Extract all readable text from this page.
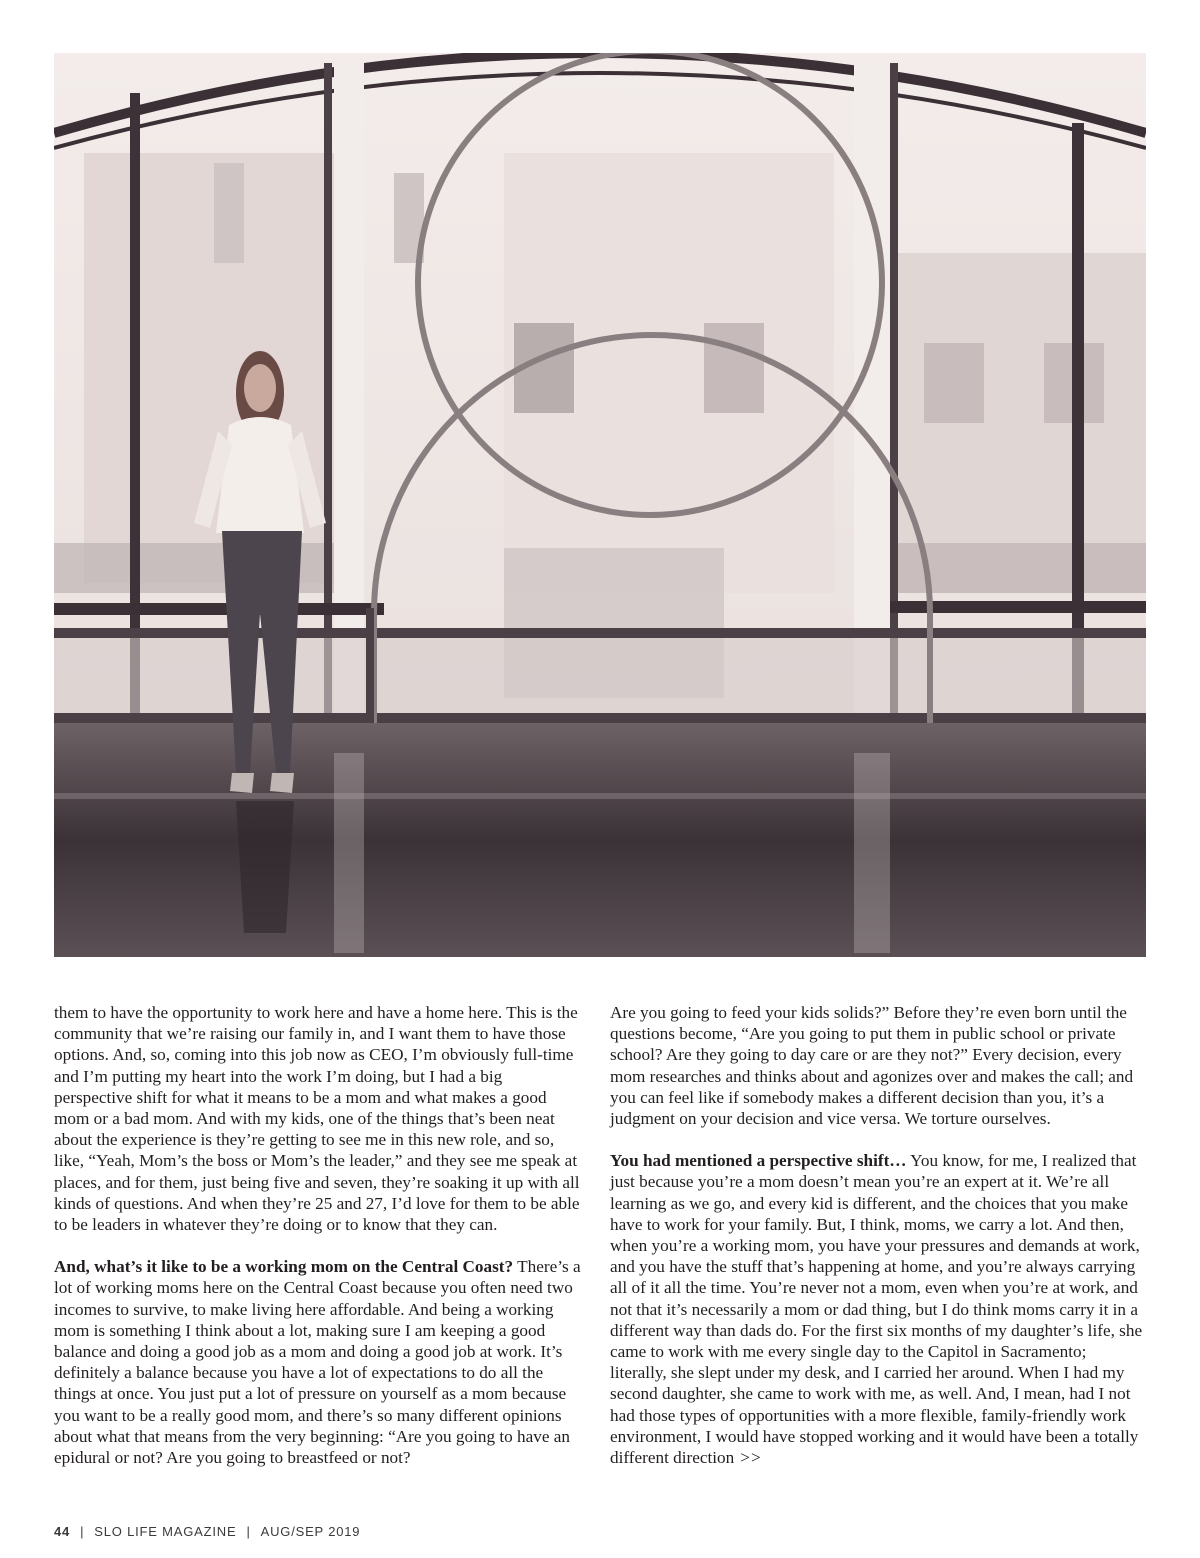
them to have the opportunity to work here and have a home here. This is the community that we’re raising our family in, and I want them to have those options. And, so, coming into this job now as CEO, I’m obviously full-time and I’m putting my heart into the work I’m doing, but I had a big perspective shift for what it means to be a mom and what makes a good mom or a bad mom. And with my kids, one of the things that’s been neat about the experience is they’re getting to see me in this new role, and so, like, “Yeah, Mom’s the boss or Mom’s the leader,” and they see me speak at places, and for them, just being five and seven, they’re soaking it up with all kinds of questions. And when they’re 25 and 27, I’d love for them to be able to be leaders in whatever they’re doing or to know that they can.

And, what’s it like to be a working mom on the Central Coast? There’s a lot of working moms here on the Central Coast because you often need two incomes to survive, to make living here affordable. And being a working mom is something I think about a lot, making sure I am keeping a good balance and doing a good job as a mom and doing a good job at work. It’s definitely a balance because you have a lot of expectations to do all the things at once. You just put a lot of pressure on yourself as a mom because you want to be a really good mom, and there’s so many different opinions about what that means from the very beginning: “Are you going to have an epidural or not? Are you going to breastfeed or not?

Are you going to feed your kids solids?” Before they’re even born until the questions become, “Are you going to put them in public school or private school? Are they going to day care or are they not?” Every decision, every mom researches and thinks about and agonizes over and makes the call; and you can feel like if somebody makes a different decision than you, it’s a judgment on your decision and vice versa. We torture ourselves.

You had mentioned a perspective shift… You know, for me, I realized that just because you’re a mom doesn’t mean you’re an expert at it. We’re all learning as we go, and every kid is different, and the choices that you make have to work for your family. But, I think, moms, we carry a lot. And then, when you’re a working mom, you have your pressures and demands at work, and you have the stuff that’s happening at home, and you’re always carrying all of it all the time. You’re never not a mom, even when you’re at work, and not that it’s necessarily a mom or dad thing, but I do think moms carry it in a different way than dads do. For the first six months of my daughter’s life, she came to work with me every single day to the Capitol in Sacramento; literally, she slept under my desk, and I carried her around. When I had my second daughter, she came to work with me, as well. And, I mean, had I not had those types of opportunities with a more flexible, family-friendly work environment, I would have stopped working and it would have been a totally different direction >>

44 | SLO LIFE MAGAZINE | AUG/SEP 2019
